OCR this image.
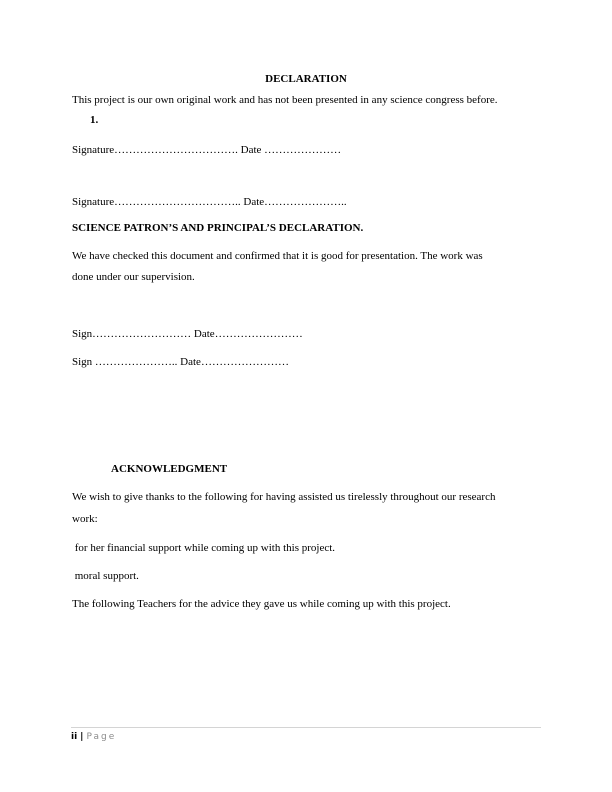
DECLARATION
This project is our own original work and has not been presented in any science congress before.
1.
Signature……………………………. Date …………………
Signature…………………………….. Date…………………..
SCIENCE PATRON’S AND PRINCIPAL’S DECLARATION.
We have checked this document and confirmed that it is good for presentation. The work was
done under our supervision.
Sign……………………… Date……………………
Sign ………………….. Date……………………
ACKNOWLEDGMENT
We wish to give thanks to the following for having assisted us tirelessly throughout our research
work:
for her financial support while coming up with this project.
moral support.
The following Teachers for the advice they gave us while coming up with this project.
ii | Page
